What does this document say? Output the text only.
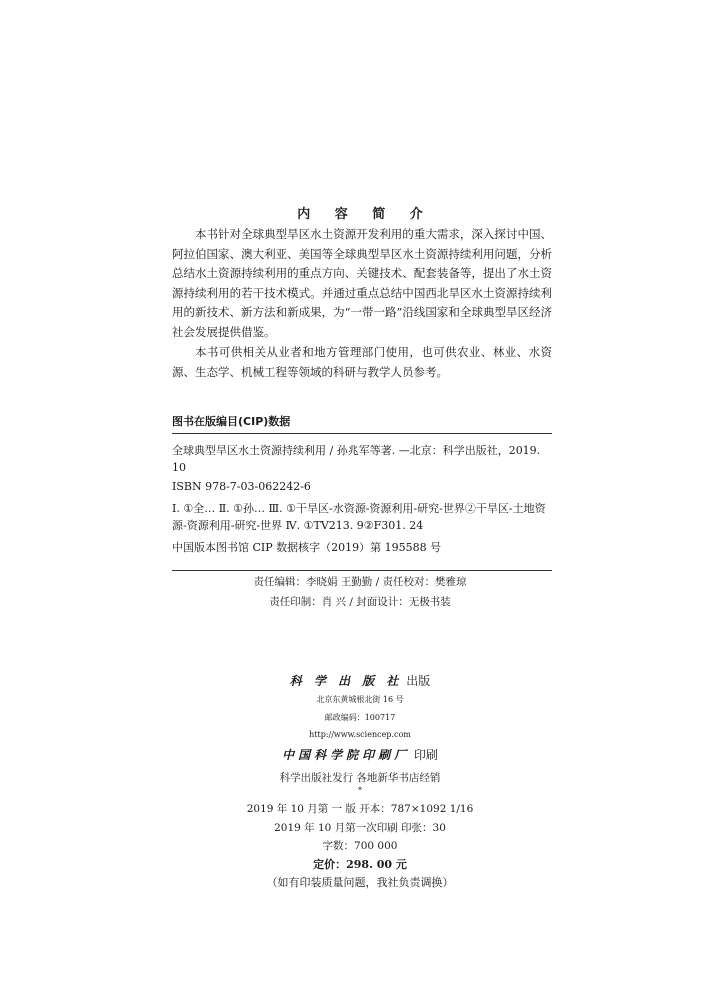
内 容 简 介

本书针对全球典型旱区水土资源开发利用的重大需求，深入探讨中国、阿拉伯国家、澳大利亚、美国等全球典型旱区水土资源持续利用问题，分析总结水土资源持续利用的重点方向、关键技术、配套装备等，提出了水土资源持续利用的若干技术模式。并通过重点总结中国西北旱区水土资源持续利用的新技术、新方法和新成果，为“一带一路”沿线国家和全球典型旱区经济社会发展提供借鉴。

本书可供相关从业者和地方管理部门使用，也可供农业、林业、水资源、生态学、机械工程等领域的科研与教学人员参考。

图书在版编目(CIP)数据

全球典型旱区水土资源持续利用 / 孙兆军等著. —北京：科学出版社，2019. 10

ISBN 978-7-03-062242-6

Ⅰ. ①全… Ⅱ. ①孙… Ⅲ. ①干旱区-水资源-资源利用-研究-世界②干旱区-土地资源-资源利用-研究-世界 Ⅳ. ①TV213. 9②F301. 24

中国版本图书馆 CIP 数据核字（2019）第 195588 号

责任编辑：李晓娟 王勤勤 / 责任校对：樊雅琼

责任印制：肖 兴 / 封面设计：无极书装

科 学 出 版 社 出版

北京东黄城根北街 16 号

邮政编码：100717

http://www.sciencep.com

中国科学院印刷厂 印刷

科学出版社发行 各地新华书店经销

*

2019 年 10 月第 一 版 开本：787×1092 1/16

2019 年 10 月第一次印刷 印张：30

字数：700 000

定价：298. 00 元

（如有印装质量问题，我社负责调换）
